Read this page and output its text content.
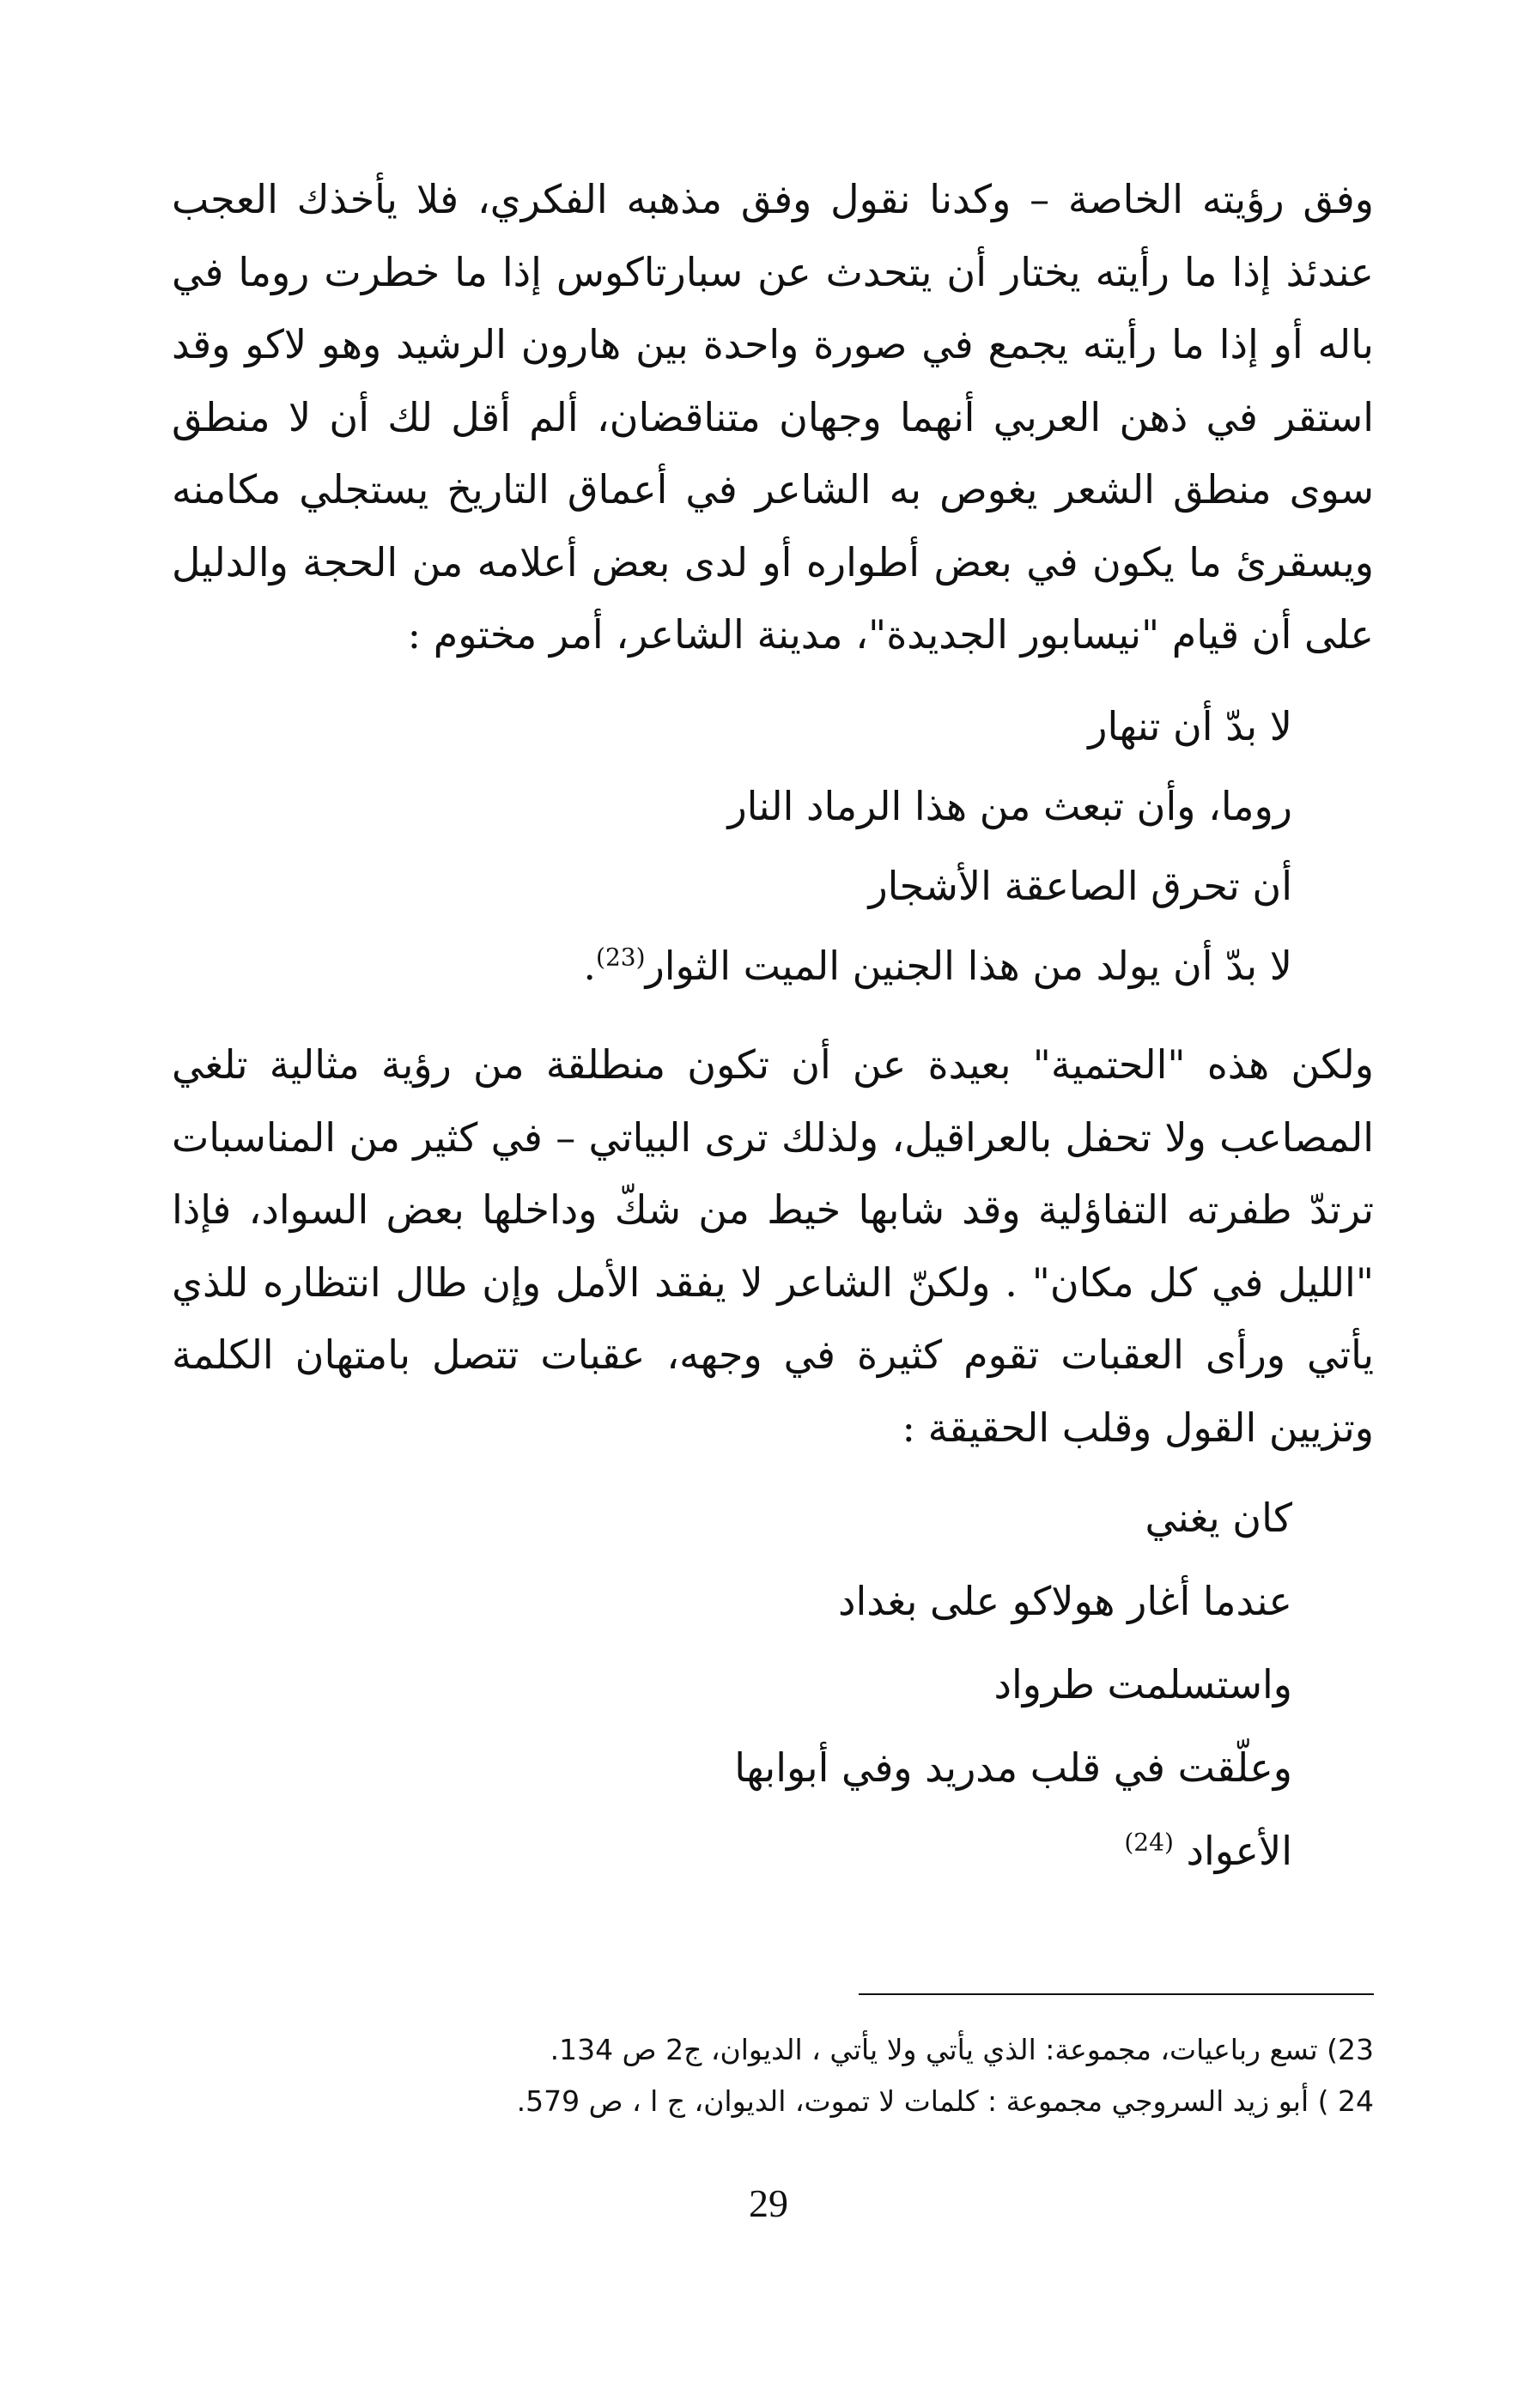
وفق رؤيته الخاصة – وكدنا نقول وفق مذهبه الفكري، فلا يأخذك العجب عندئذ إذا ما رأيته يختار أن يتحدث عن سبارتاكوس إذا ما خطرت روما في باله أو إذا ما رأيته يجمع في صورة واحدة بين هارون الرشيد وهو لاكو وقد استقر في ذهن العربي أنهما وجهان متناقضان، ألم أقل لك أن لا منطق سوى منطق الشعر يغوص به الشاعر في أعماق التاريخ يستجلي مكامنه ويسقرئ ما يكون في بعض أطواره أو لدى بعض أعلامه من الحجة والدليل على أن قيام "نيسابور الجديدة"، مدينة الشاعر، أمر مختوم :

لا بدّ أن تنهار
روما، وأن تبعث من هذا الرماد النار
أن تحرق الصاعقة الأشجار
لا بدّ أن يولد من هذا الجنين الميت الثوار$^{(23)}$.

ولكن هذه "الحتمية" بعيدة عن أن تكون منطلقة من رؤية مثالية تلغي المصاعب ولا تحفل بالعراقيل، ولذلك ترى البياتي – في كثير من المناسبات ترتدّ طفرته التفاؤلية وقد شابها خيط من شكّ وداخلها بعض السواد، فإذا "الليل في كل مكان" . ولكنّ الشاعر لا يفقد الأمل وإن طال انتظاره للذي يأتي ورأى العقبات تقوم كثيرة في وجهه، عقبات تتصل بامتهان الكلمة وتزيين القول وقلب الحقيقة :

كان يغني
عندما أغار هولاكو على بغداد
واستسلمت طرواد
وعلّقت في قلب مدريد وفي أبوابها
الأعواد $^{(24)}$
23) تسع رباعيات، مجموعة: الذي يأتي ولا يأتي ، الديوان، ج2 ص 134.
24 ) أبو زيد السروجي مجموعة : كلمات لا تموت، الديوان، ج ا ، ص 579.
29
